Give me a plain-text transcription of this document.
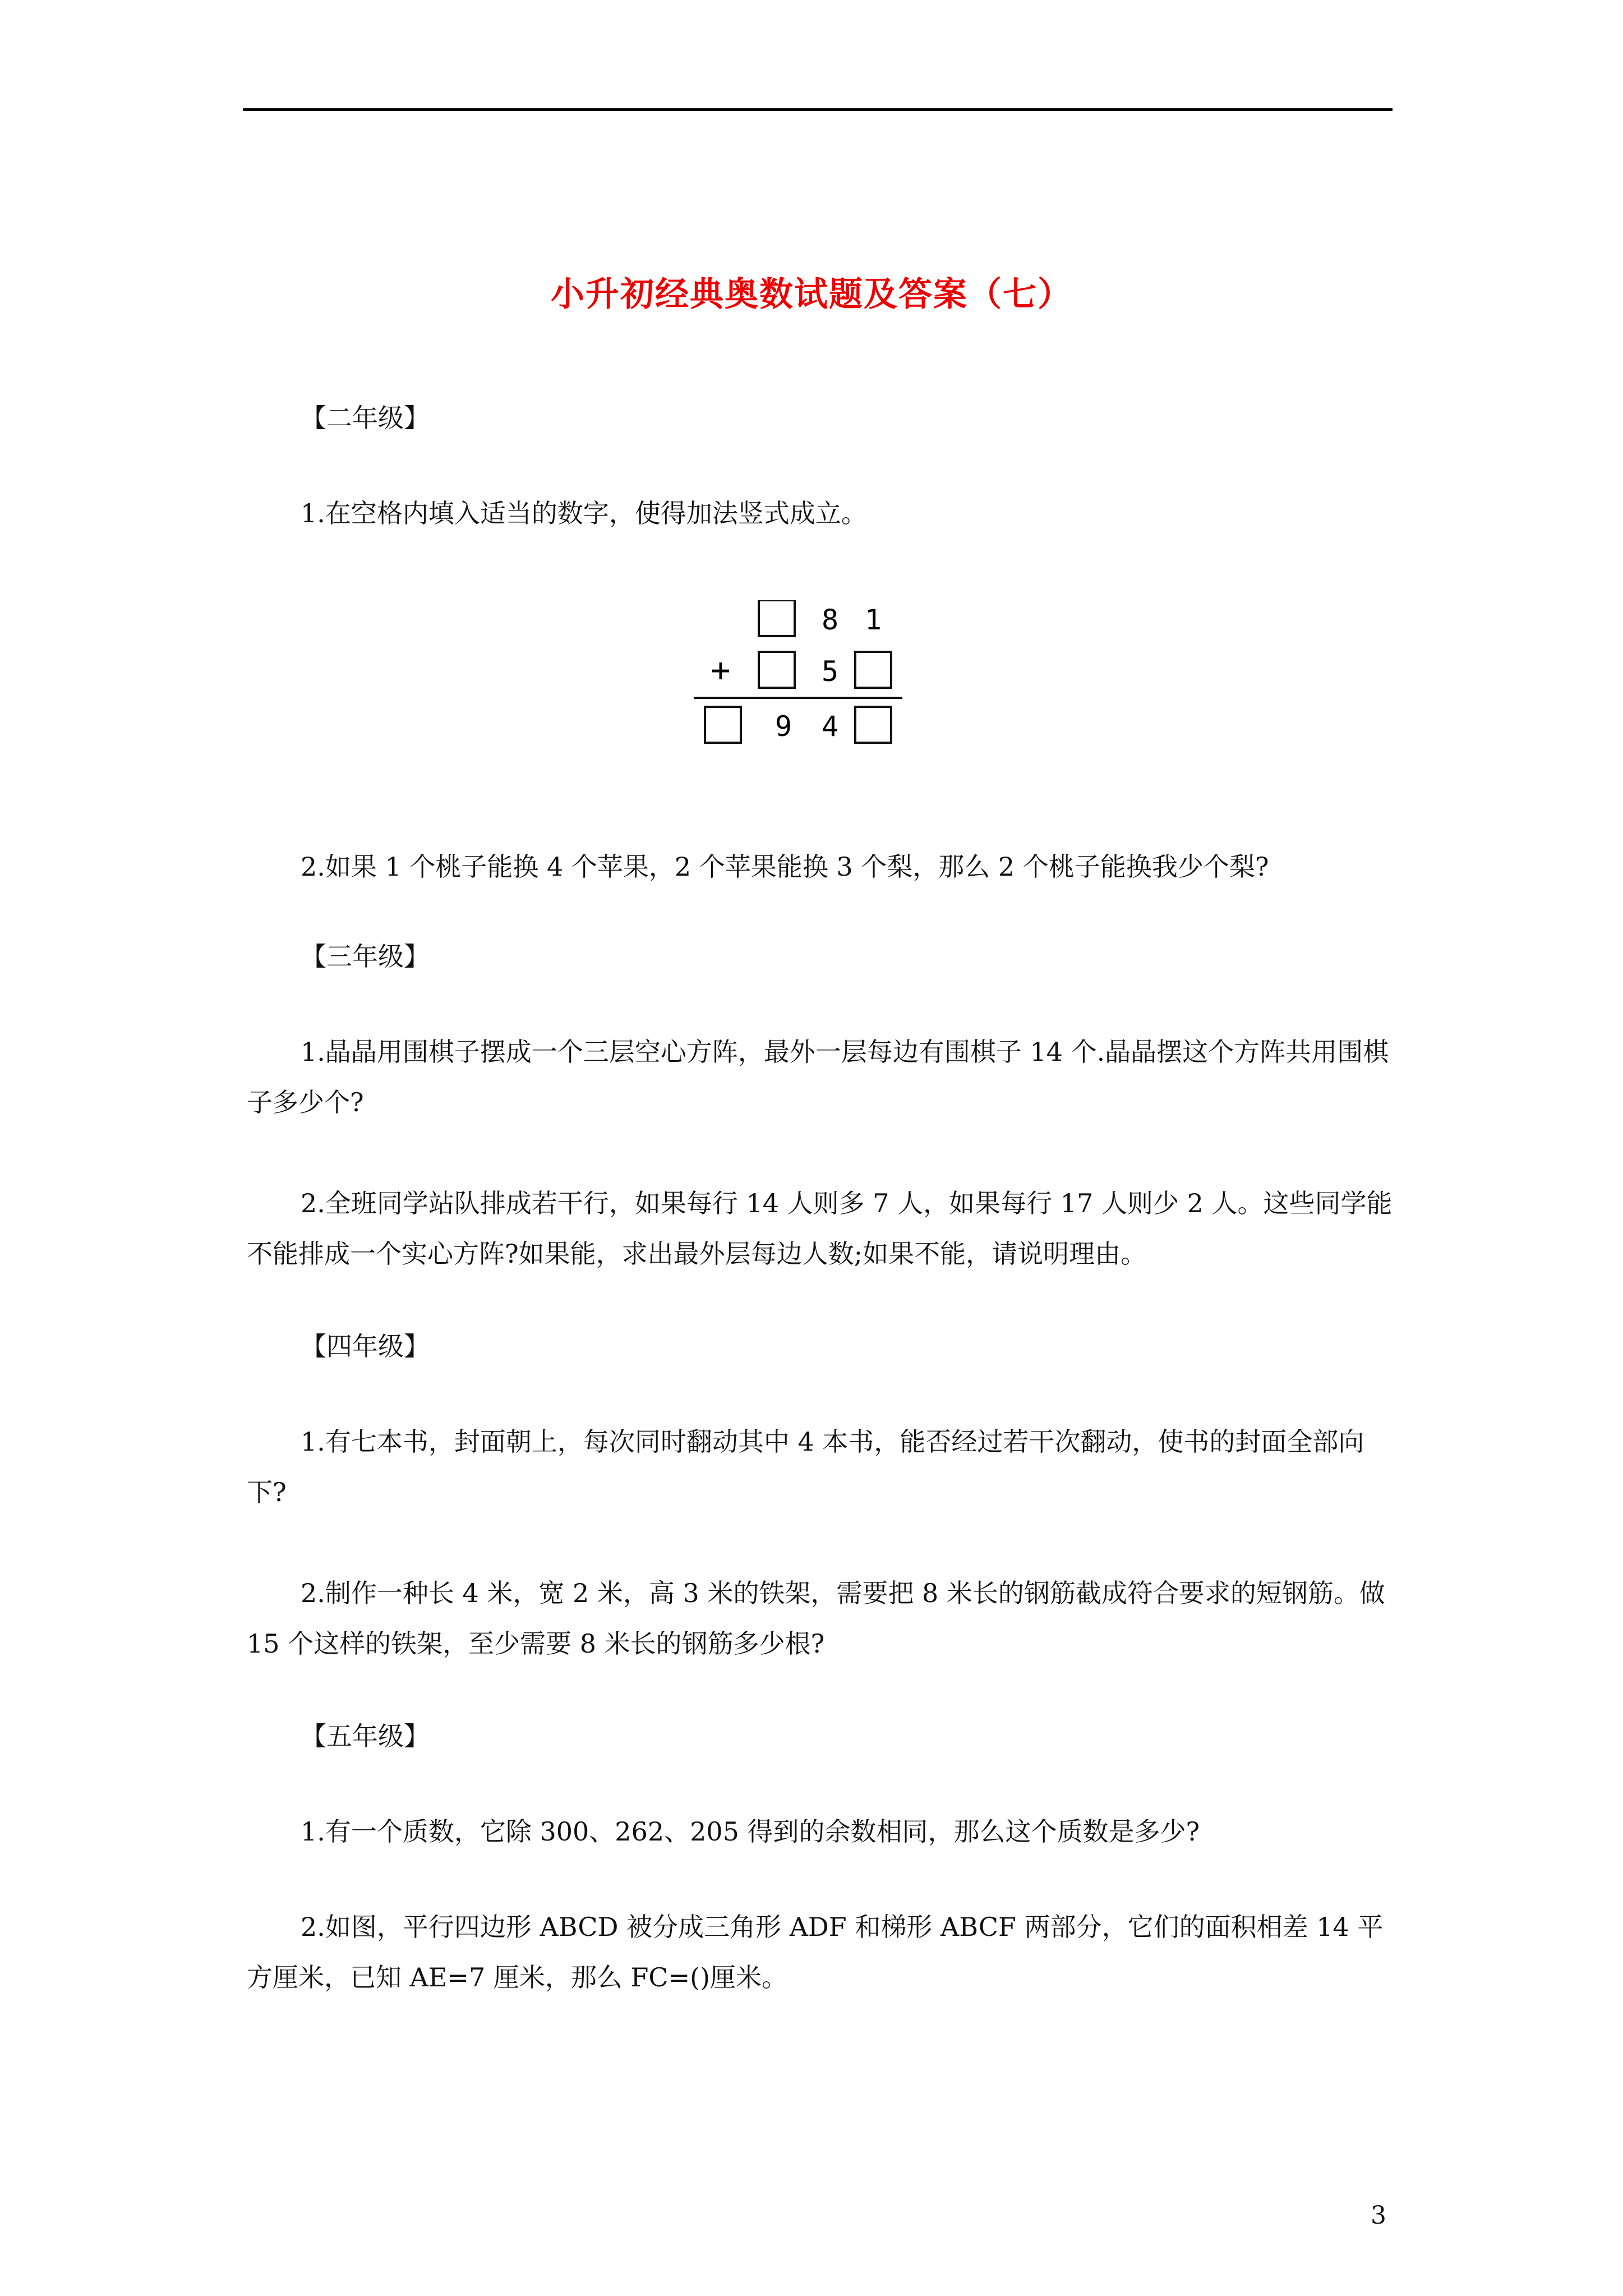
小升初经典奥数试题及答案（七）
【二年级】
1.在空格内填入适当的数字，使得加法竖式成立。
8 1
+	5
9 4
2.如果 1 个桃子能换 4 个苹果，2 个苹果能换 3 个梨，那么 2 个桃子能换我少个梨?
【三年级】
1.晶晶用围棋子摆成一个三层空心方阵，最外一层每边有围棋子 14 个.晶晶摆这个方阵共用围棋子多少个?
2.全班同学站队排成若干行，如果每行 14 人则多 7 人，如果每行 17 人则少 2 人。这些同学能不能排成一个实心方阵?如果能，求出最外层每边人数;如果不能，请说明理由。
【四年级】
1.有七本书，封面朝上，每次同时翻动其中 4 本书，能否经过若干次翻动，使书的封面全部向下?
2.制作一种长 4 米，宽 2 米，高 3 米的铁架，需要把 8 米长的钢筋截成符合要求的短钢筋。做 15 个这样的铁架，至少需要 8 米长的钢筋多少根?
【五年级】
1.有一个质数，它除 300、262、205 得到的余数相同，那么这个质数是多少?
2.如图，平行四边形 ABCD 被分成三角形 ADF 和梯形 ABCF 两部分，它们的面积相差 14 平方厘米，已知 AE=7 厘米，那么 FC=()厘米。
3
